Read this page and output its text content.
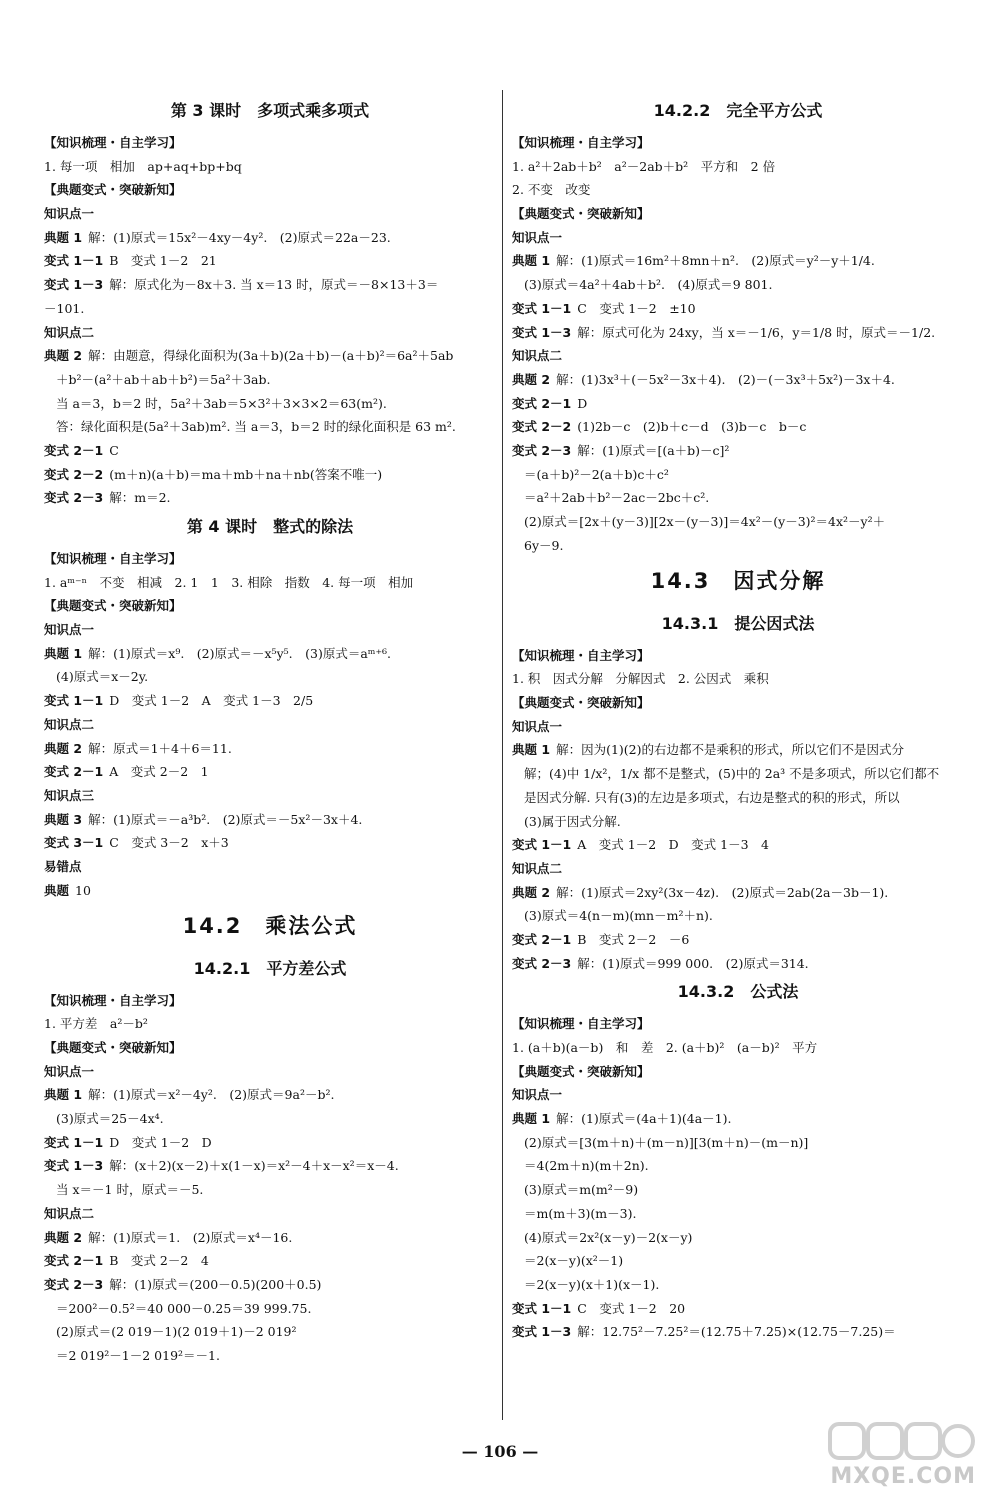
第 3 课时　多项式乘多项式
【知识梳理・自主学习】
1. 每一项　相加　ap+aq+bp+bq
【典题变式・突破新知】
知识点一
典题 1 解：(1)原式＝15x²－4xy－4y².　(2)原式＝22a－23.
变式 1－1 B　变式 1－2　21
变式 1－3 解：原式化为－8x＋3. 当 x＝13 时，原式＝－8×13＋3＝
－101.
知识点二
典题 2 解：由题意，得绿化面积为(3a＋b)(2a＋b)－(a＋b)²＝6a²＋5ab
＋b²－(a²＋ab＋ab＋b²)＝5a²＋3ab.
当 a＝3，b＝2 时，5a²＋3ab＝5×3²＋3×3×2＝63(m²).
答：绿化面积是(5a²＋3ab)m². 当 a＝3，b＝2 时的绿化面积是 63 m².
变式 2－1 C
变式 2－2 (m＋n)(a＋b)＝ma＋mb＋na＋nb(答案不唯一)
变式 2－3 解：m＝2.
第 4 课时　整式的除法
【知识梳理・自主学习】
1. aᵐ⁻ⁿ　不变　相减　2. 1　1　3. 相除　指数　4. 每一项　相加
【典题变式・突破新知】
知识点一
典题 1 解：(1)原式＝x⁹.　(2)原式＝－x⁵y⁵.　(3)原式＝aᵐ⁺⁶.
(4)原式＝x－2y.
变式 1－1 D　变式 1－2　A　变式 1－3　2/5
知识点二
典题 2 解：原式＝1＋4＋6＝11.
变式 2－1 A　变式 2－2　1
知识点三
典题 3 解：(1)原式＝－a³b².　(2)原式＝－5x²－3x＋4.
变式 3－1 C　变式 3－2　x＋3
易错点
典题 10
14.2　乘法公式
14.2.1　平方差公式
【知识梳理・自主学习】
1. 平方差　a²－b²
【典题变式・突破新知】
知识点一
典题 1 解：(1)原式＝x²－4y².　(2)原式＝9a²－b².
(3)原式＝25－4x⁴.
变式 1－1 D　变式 1－2　D
变式 1－3 解：(x＋2)(x－2)＋x(1－x)＝x²－4＋x－x²＝x－4.
当 x＝－1 时，原式＝－5.
知识点二
典题 2 解：(1)原式＝1.　(2)原式＝x⁴－16.
变式 2－1 B　变式 2－2　4
变式 2－3 解：(1)原式＝(200－0.5)(200＋0.5)
＝200²－0.5²＝40 000－0.25＝39 999.75.
(2)原式＝(2 019－1)(2 019＋1)－2 019²
＝2 019²－1－2 019²＝－1.
14.2.2　完全平方公式
【知识梳理・自主学习】
1. a²＋2ab＋b²　a²－2ab＋b²　平方和　2 倍
2. 不变　改变
【典题变式・突破新知】
知识点一
典题 1 解：(1)原式＝16m²＋8mn＋n².　(2)原式＝y²－y＋1/4.
(3)原式＝4a²＋4ab＋b².　(4)原式＝9 801.
变式 1－1 C　变式 1－2　±10
变式 1－3 解：原式可化为 24xy，当 x＝－1/6，y＝1/8 时，原式＝－1/2.
知识点二
典题 2 解：(1)3x³＋(－5x²－3x＋4).　(2)－(－3x³＋5x²)－3x＋4.
变式 2－1 D
变式 2－2 (1)2b－c　(2)b＋c－d　(3)b－c　b－c
变式 2－3 解：(1)原式＝[(a＋b)－c]²
＝(a＋b)²－2(a＋b)c＋c²
＝a²＋2ab＋b²－2ac－2bc＋c².
(2)原式＝[2x＋(y－3)][2x－(y－3)]＝4x²－(y－3)²＝4x²－y²＋
6y－9.
14.3　因式分解
14.3.1　提公因式法
【知识梳理・自主学习】
1. 积　因式分解　分解因式　2. 公因式　乘积
【典题变式・突破新知】
知识点一
典题 1 解：因为(1)(2)的右边都不是乘积的形式，所以它们不是因式分
解；(4)中 1/x²，1/x 都不是整式，(5)中的 2a³ 不是多项式，所以它们都不
是因式分解. 只有(3)的左边是多项式，右边是整式的积的形式，所以
(3)属于因式分解.
变式 1－1 A　变式 1－2　D　变式 1－3　4
知识点二
典题 2 解：(1)原式＝2xy²(3x－4z).　(2)原式＝2ab(2a－3b－1).
(3)原式＝4(n－m)(mn－m²＋n).
变式 2－1 B　变式 2－2　－6
变式 2－3 解：(1)原式＝999 000.　(2)原式＝314.
14.3.2　公式法
【知识梳理・自主学习】
1. (a＋b)(a－b)　和　差　2. (a＋b)²　(a－b)²　平方
【典题变式・突破新知】
知识点一
典题 1 解：(1)原式＝(4a＋1)(4a－1).
(2)原式＝[3(m＋n)＋(m－n)][3(m＋n)－(m－n)]
＝4(2m＋n)(m＋2n).
(3)原式＝m(m²－9)
＝m(m＋3)(m－3).
(4)原式＝2x²(x－y)－2(x－y)
＝2(x－y)(x²－1)
＝2(x－y)(x＋1)(x－1).
变式 1－1 C　变式 1－2　20
变式 1－3 解：12.75²－7.25²＝(12.75＋7.25)×(12.75－7.25)＝
— 106 —
MXQE.COM
